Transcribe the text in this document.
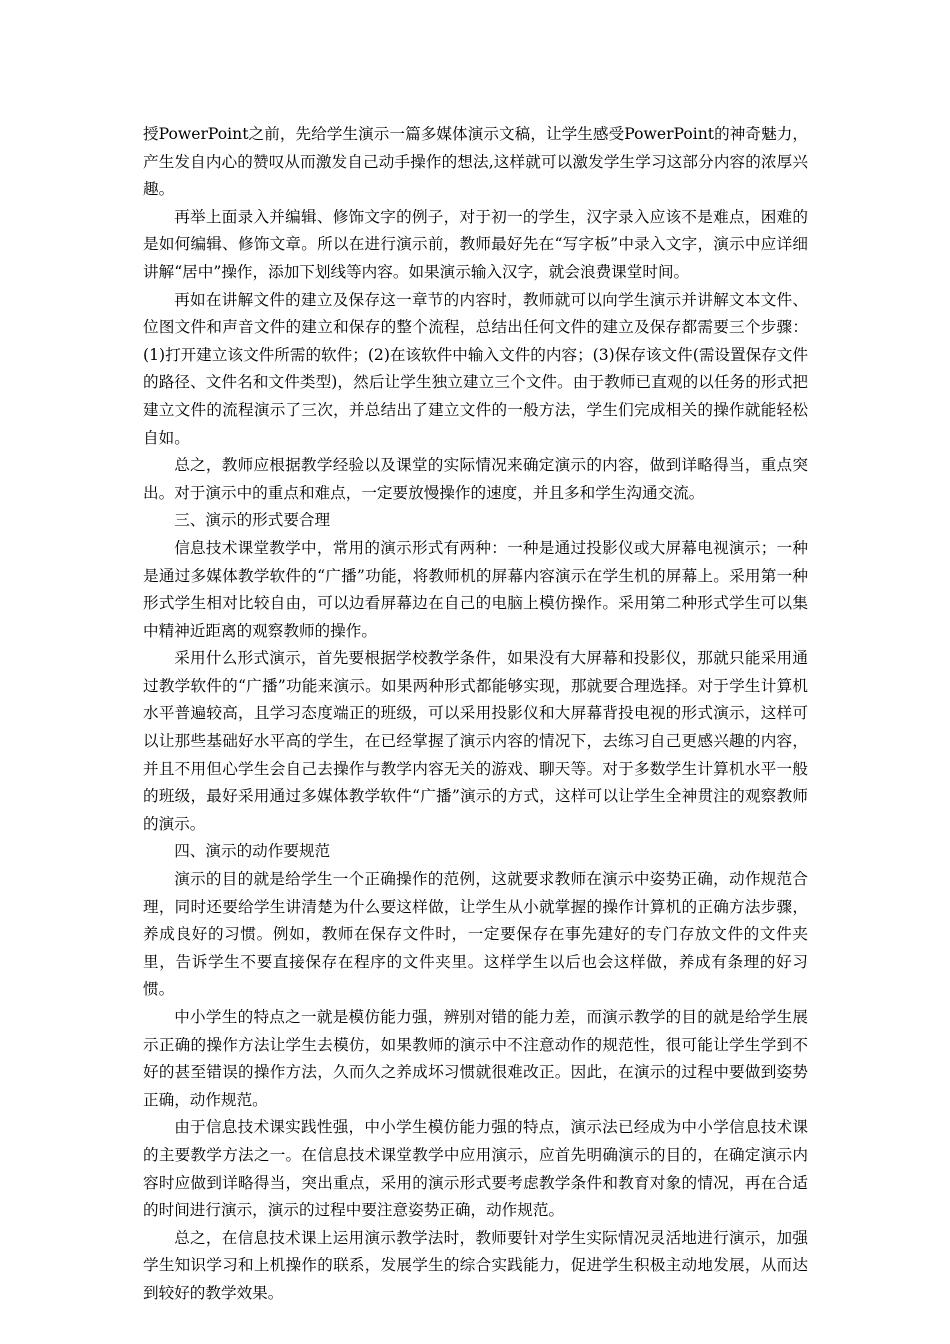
授PowerPoint之前，先给学生演示一篇多媒体演示文稿，让学生感受PowerPoint的神奇魅力，产生发自内心的赞叹从而激发自己动手操作的想法,这样就可以激发学生学习这部分内容的浓厚兴趣。

再举上面录入并编辑、修饰文字的例子，对于初一的学生，汉字录入应该不是难点，困难的是如何编辑、修饰文章。所以在进行演示前，教师最好先在“写字板”中录入文字，演示中应详细讲解“居中”操作，添加下划线等内容。如果演示输入汉字，就会浪费课堂时间。

再如在讲解文件的建立及保存这一章节的内容时，教师就可以向学生演示并讲解文本文件、位图文件和声音文件的建立和保存的整个流程，总结出任何文件的建立及保存都需要三个步骤：(1)打开建立该文件所需的软件；(2)在该软件中输入文件的内容；(3)保存该文件(需设置保存文件的路径、文件名和文件类型)，然后让学生独立建立三个文件。由于教师已直观的以任务的形式把建立文件的流程演示了三次，并总结出了建立文件的一般方法，学生们完成相关的操作就能轻松自如。

总之，教师应根据教学经验以及课堂的实际情况来确定演示的内容，做到详略得当，重点突出。对于演示中的重点和难点，一定要放慢操作的速度，并且多和学生沟通交流。

三、演示的形式要合理

信息技术课堂教学中，常用的演示形式有两种：一种是通过投影仪或大屏幕电视演示；一种是通过多媒体教学软件的“广播”功能，将教师机的屏幕内容演示在学生机的屏幕上。采用第一种形式学生相对比较自由，可以边看屏幕边在自己的电脑上模仿操作。采用第二种形式学生可以集中精神近距离的观察教师的操作。

采用什么形式演示，首先要根据学校教学条件，如果没有大屏幕和投影仪，那就只能采用通过教学软件的“广播”功能来演示。如果两种形式都能够实现，那就要合理选择。对于学生计算机水平普遍较高，且学习态度端正的班级，可以采用投影仪和大屏幕背投电视的形式演示，这样可以让那些基础好水平高的学生，在已经掌握了演示内容的情况下，去练习自己更感兴趣的内容，并且不用但心学生会自己去操作与教学内容无关的游戏、聊天等。对于多数学生计算机水平一般的班级，最好采用通过多媒体教学软件“广播”演示的方式，这样可以让学生全神贯注的观察教师的演示。

四、演示的动作要规范

演示的目的就是给学生一个正确操作的范例，这就要求教师在演示中姿势正确，动作规范合理，同时还要给学生讲清楚为什么要这样做，让学生从小就掌握的操作计算机的正确方法步骤，养成良好的习惯。例如，教师在保存文件时，一定要保存在事先建好的专门存放文件的文件夹里，告诉学生不要直接保存在程序的文件夹里。这样学生以后也会这样做，养成有条理的好习惯。

中小学生的特点之一就是模仿能力强，辨别对错的能力差，而演示教学的目的就是给学生展示正确的操作方法让学生去模仿，如果教师的演示中不注意动作的规范性，很可能让学生学到不好的甚至错误的操作方法，久而久之养成坏习惯就很难改正。因此，在演示的过程中要做到姿势正确，动作规范。

由于信息技术课实践性强，中小学生模仿能力强的特点，演示法已经成为中小学信息技术课的主要教学方法之一。在信息技术课堂教学中应用演示，应首先明确演示的目的，在确定演示内容时应做到详略得当，突出重点，采用的演示形式要考虑教学条件和教育对象的情况，再在合适的时间进行演示，演示的过程中要注意姿势正确，动作规范。

总之，在信息技术课上运用演示教学法时，教师要针对学生实际情况灵活地进行演示，加强学生知识学习和上机操作的联系，发展学生的综合实践能力，促进学生积极主动地发展，从而达到较好的教学效果。
